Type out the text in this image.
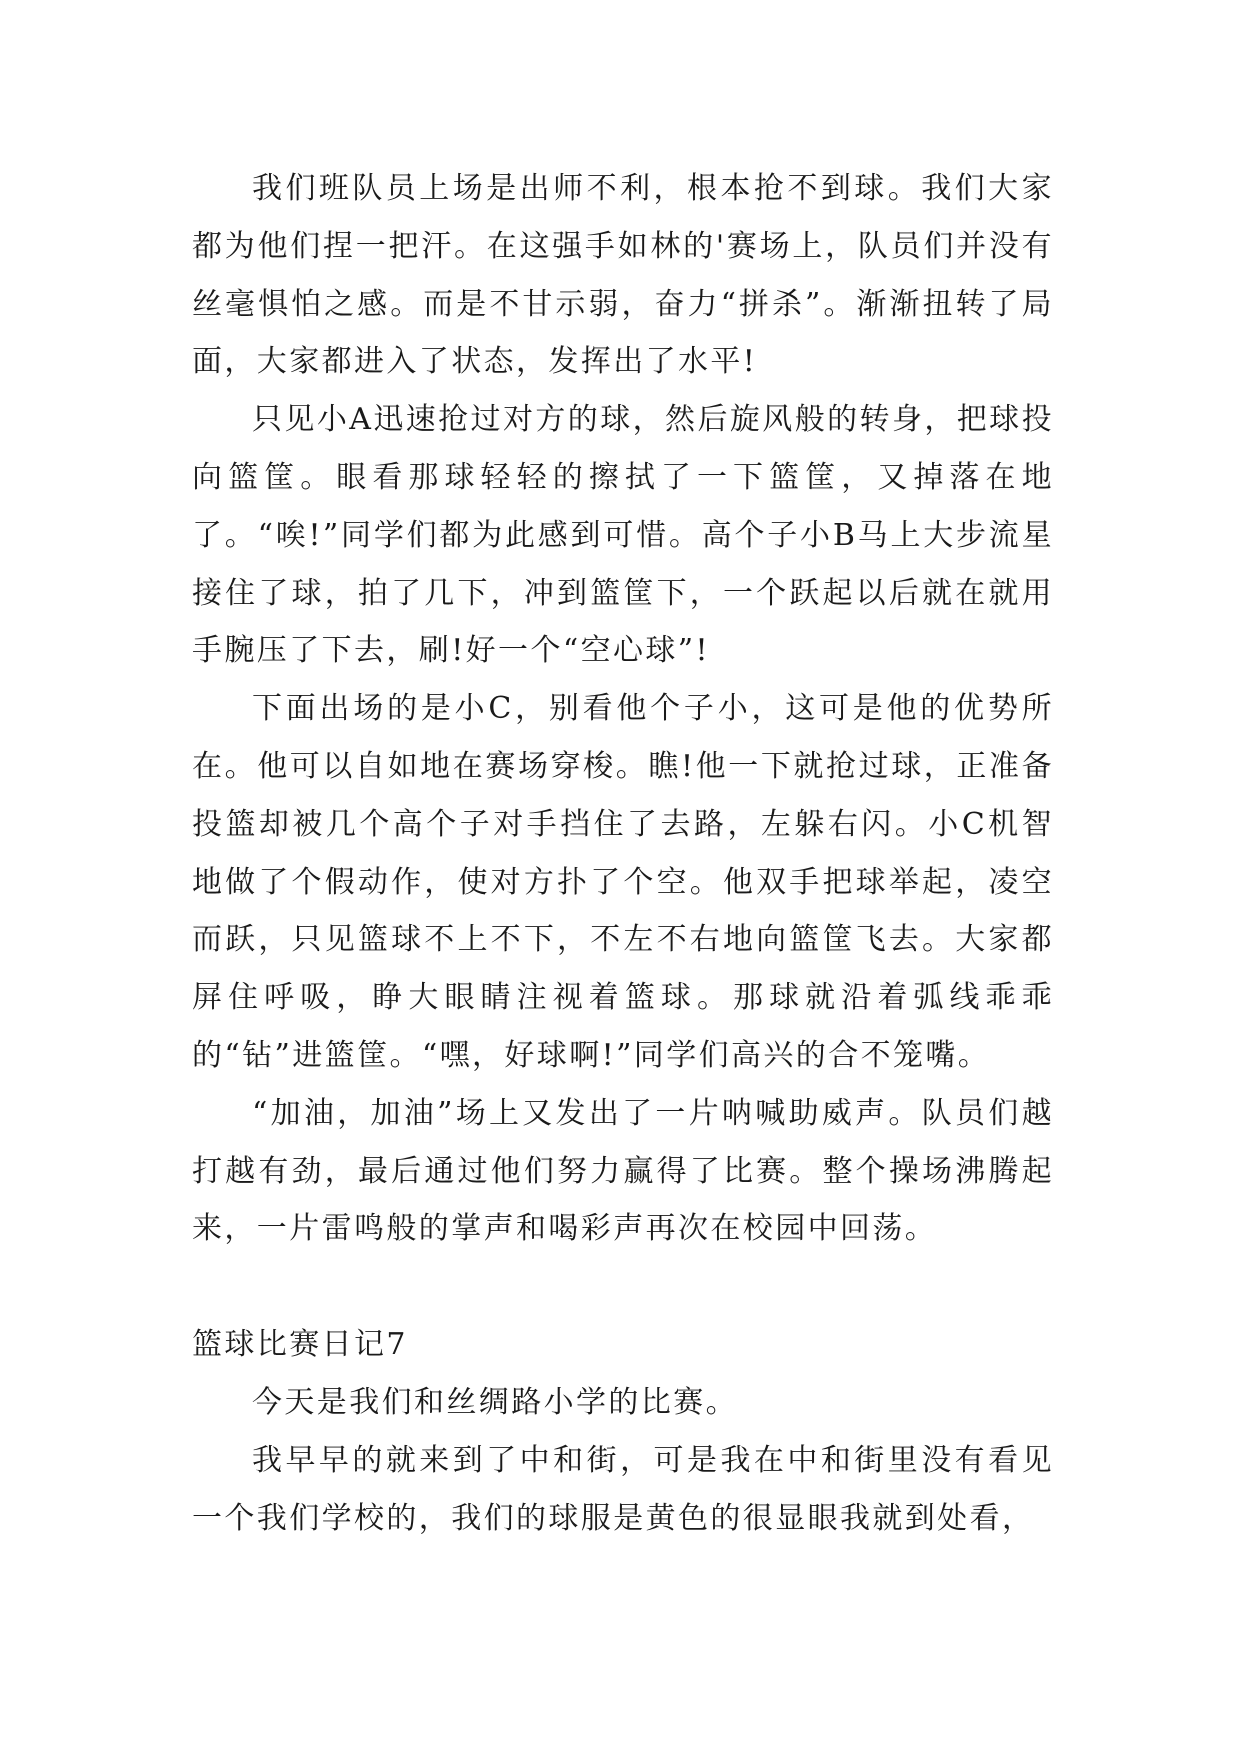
我们班队员上场是出师不利，根本抢不到球。我们大家都为他们捏一把汗。在这强手如林的'赛场上，队员们并没有丝毫惧怕之感。而是不甘示弱，奋力“拼杀”。渐渐扭转了局面，大家都进入了状态，发挥出了水平!

只见小A迅速抢过对方的球，然后旋风般的转身，把球投向篮筐。眼看那球轻轻的擦拭了一下篮筐，又掉落在地了。“唉!”同学们都为此感到可惜。高个子小B马上大步流星接住了球，拍了几下，冲到篮筐下，一个跃起以后就在就用手腕压了下去，刷!好一个“空心球”!

下面出场的是小C，别看他个子小，这可是他的优势所在。他可以自如地在赛场穿梭。瞧!他一下就抢过球，正准备投篮却被几个高个子对手挡住了去路，左躲右闪。小C机智地做了个假动作，使对方扑了个空。他双手把球举起，凌空而跃，只见篮球不上不下，不左不右地向篮筐飞去。大家都屏住呼吸，睁大眼睛注视着篮球。那球就沿着弧线乖乖的“钻”进篮筐。“嘿，好球啊!”同学们高兴的合不笼嘴。

“加油，加油”场上又发出了一片呐喊助威声。队员们越打越有劲，最后通过他们努力赢得了比赛。整个操场沸腾起来，一片雷鸣般的掌声和喝彩声再次在校园中回荡。

篮球比赛日记7

今天是我们和丝绸路小学的比赛。

我早早的就来到了中和街，可是我在中和街里没有看见一个我们学校的，我们的球服是黄色的很显眼我就到处看，
